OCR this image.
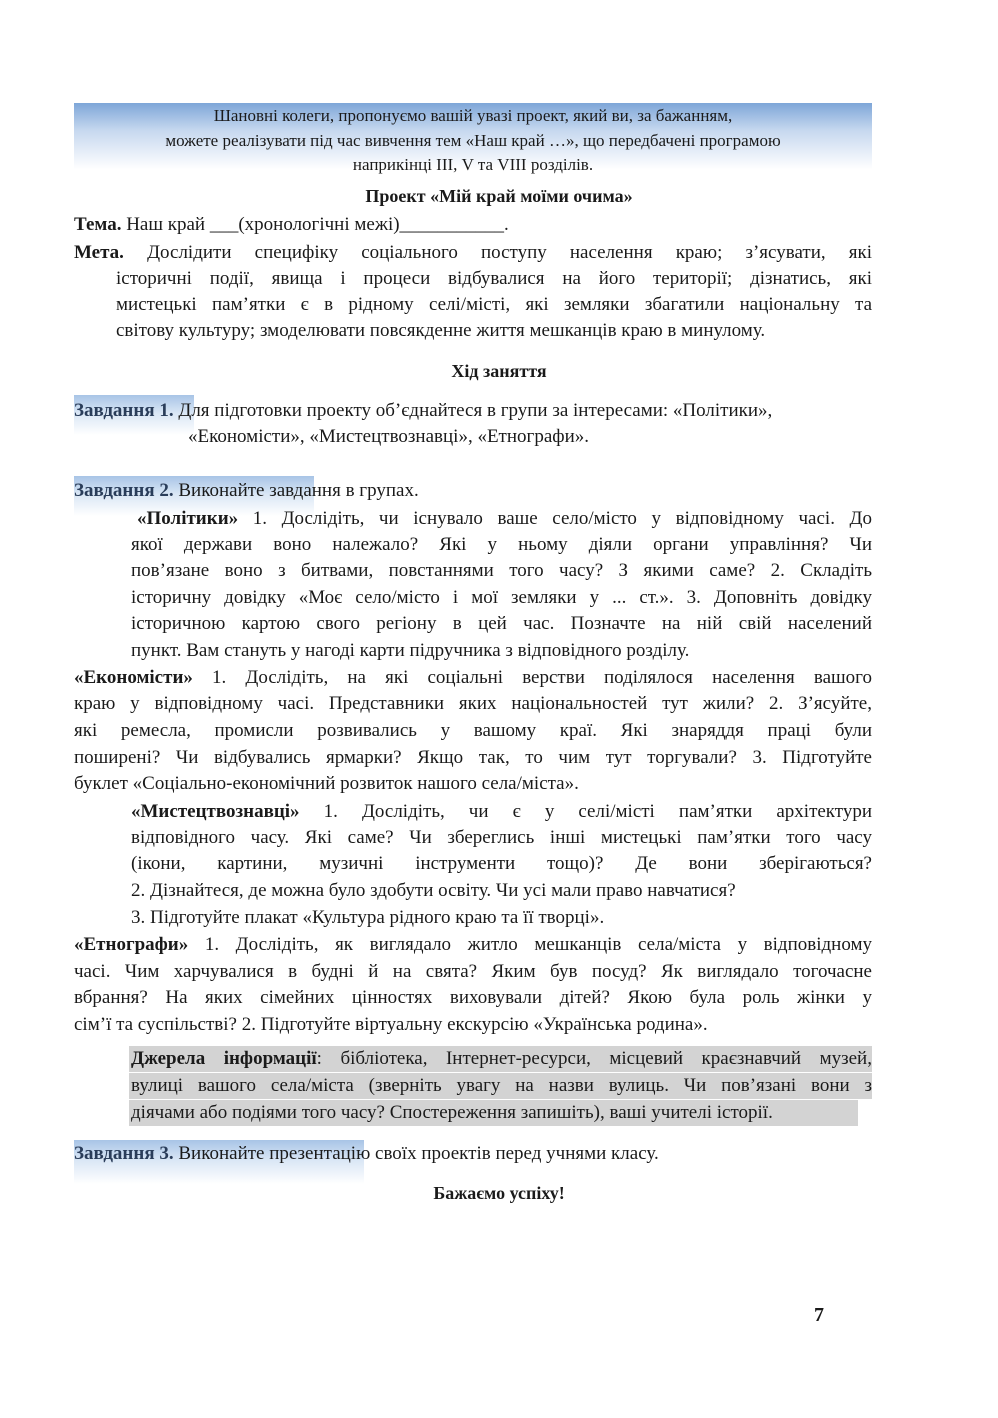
Шановні колеги, пропонуємо вашій увазі проект, який ви, за бажанням,
можете реалізувати під час вивчення тем «Наш край …», що передбачені програмою
наприкінці ІІІ, V та VІІІ розділів.
Проект «Мій край моїми очима»
Тема. Наш край ___(хронологічні межі)___________.
Мета. Дослідити специфіку соціального поступу населення краю; з’ясувати, які
історичні події, явища і процеси відбувалися на його території; дізнатись, які
мистецькі пам’ятки є в рідному селі/місті, які земляки збагатили національну та
світову культуру; змоделювати повсякденне життя мешканців краю в минулому.
Хід заняття
Завдання 1. Для підготовки проекту об’єднайтеся в групи за інтересами: «Політики»,
«Економісти», «Мистецтвознавці», «Етнографи».
Завдання 2. Виконайте завдання в групах.
«Політики» 1. Дослідіть, чи існувало ваше село/місто у відповідному часі. До
якої держави воно належало? Які у ньому діяли органи управління? Чи
пов’язане воно з битвами, повстаннями того часу? З якими саме? 2. Складіть
історичну довідку «Моє село/місто і мої земляки у ... ст.». 3. Доповніть довідку
історичною картою свого регіону в цей час. Позначте на ній свій населений
пункт. Вам стануть у нагоді карти підручника з відповідного розділу.
«Економісти» 1. Дослідіть, на які соціальні верстви поділялося населення вашого
краю у відповідному часі. Представники яких національностей тут жили? 2. З’ясуйте,
які ремесла, промисли розвивались у вашому краї. Які знаряддя праці були
поширені? Чи відбувались ярмарки? Якщо так, то чим тут торгували? 3. Підготуйте
буклет «Соціально-економічний розвиток нашого села/міста».
«Мистецтвознавці» 1. Дослідіть, чи є у селі/місті пам’ятки архітектури
відповідного часу. Які саме? Чи збереглись інші мистецькі пам’ятки того часу
(ікони, картини, музичні інструменти тощо)? Де вони зберігаються?
2. Дізнайтеся, де можна було здобути освіту. Чи усі мали право навчатися?
3. Підготуйте плакат «Культура рідного краю та її творці».
«Етнографи» 1. Дослідіть, як виглядало житло мешканців села/міста у відповідному
часі. Чим харчувалися в будні й на свята? Яким був посуд? Як виглядало тогочасне
вбрання? На яких сімейних цінностях виховували дітей? Якою була роль жінки у
сім’ї та суспільстві? 2. Підготуйте віртуальну екскурсію «Українська родина».
Джерела інформації: бібліотека, Інтернет-ресурси, місцевий краєзнавчий музей,
вулиці вашого села/міста (зверніть увагу на назви вулиць. Чи пов’язані вони з
діячами або подіями того часу? Спостереження запишіть), ваші учителі історії.
Завдання 3. Виконайте презентацію своїх проектів перед учнями класу.
Бажаємо успіху!
7
